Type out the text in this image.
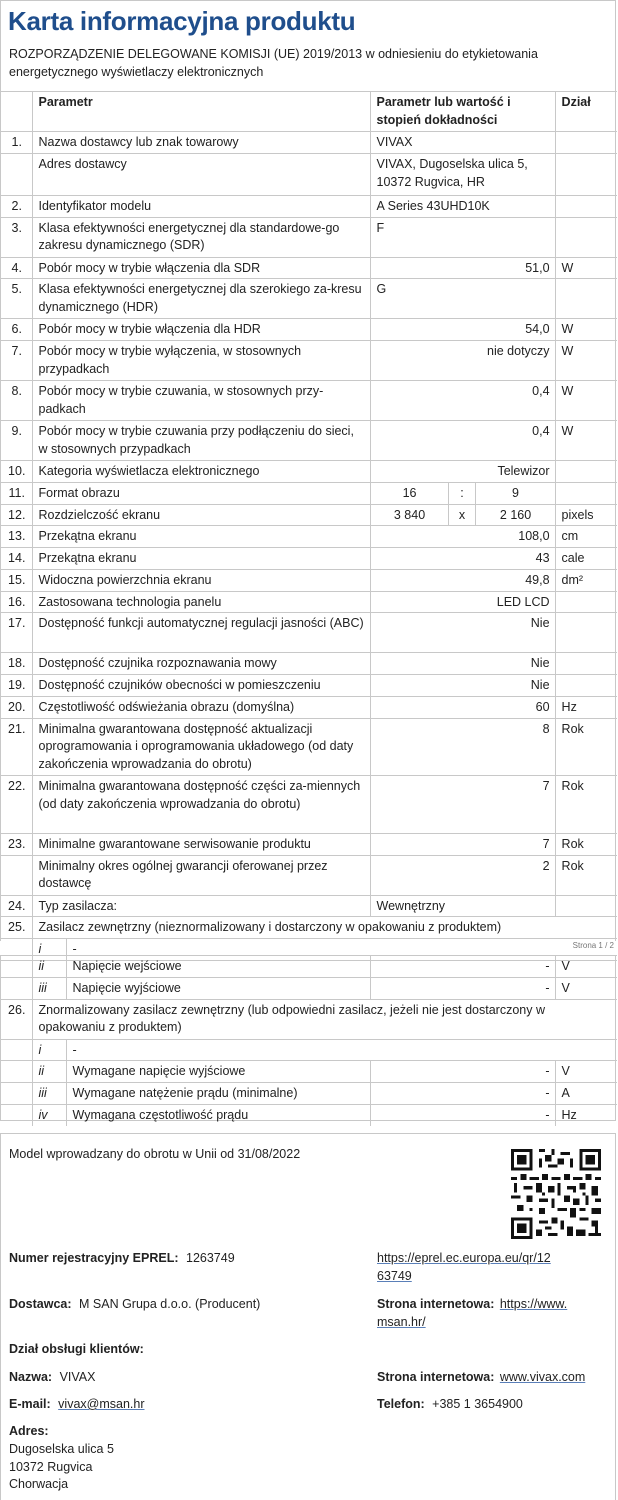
Karta informacyjna produktu
ROZPORZĄDZENIE DELEGOWANE KOMISJI (UE) 2019/2013 w odniesieniu do etykietowania energetycznego wyświetlaczy elektronicznych
	Parametr		Parametr lub wartość i stopień dokładności			Dział
1.	Nazwa dostawcy lub znak towarowy		VIVAX			
	Adres dostawcy		VIVAX, Dugoselska ulica 5, 10372 Rugvica, HR			
2.	Identyfikator modelu		A Series 43UHD10K			
3.	Klasa efektywności energetycznej dla standardowe-go zakresu dynamicznego (SDR)		F			
4.	Pobór mocy w trybie włączenia dla SDR		51,0			W
5.	Klasa efektywności energetycznej dla szerokiego za-kresu dynamicznego (HDR)		G			
6.	Pobór mocy w trybie włączenia dla HDR		54,0			W
7.	Pobór mocy w trybie wyłączenia, w stosownych przypadkach		nie dotyczy			W
8.	Pobór mocy w trybie czuwania, w stosownych przy-padkach		0,4			W
9.	Pobór mocy w trybie czuwania przy podłączeniu do sieci, w stosownych przypadkach		0,4			W
10.	Kategoria wyświetlacza elektronicznego		Telewizor			
11.	Format obrazu		16	:	9	
12.	Rozdzielczość ekranu		3 840	x	2 160	pixels
13.	Przekątna ekranu		108,0			cm
14.	Przekątna ekranu		43			cale
15.	Widoczna powierzchnia ekranu		49,8			dm²
16.	Zastosowana technologia panelu		LED LCD			
17.	Dostępność funkcji automatycznej regulacji jasności (ABC)		Nie			
18.	Dostępność czujnika rozpoznawania mowy		Nie			
19.	Dostępność czujników obecności w pomieszczeniu		Nie			
20.	Częstotliwość odświeżania obrazu (domyślna)		60			Hz
21.	Minimalna gwarantowana dostępność aktualizacji oprogramowania i oprogramowania układowego (od daty zakończenia wprowadzania do obrotu)		8			Rok
22.	Minimalna gwarantowana dostępność części za-miennych (od daty zakończenia wprowadzania do obrotu)		7			Rok
23.	Minimalne gwarantowane serwisowanie produktu		7			Rok
	Minimalny okres ogólnej gwarancji oferowanej przez dostawcę		2			Rok
24.	Typ zasilacza:		Wewnętrzny			
25.	Zasilacz zewnętrzny (nieznormalizowany i dostarczony w opakowaniu z produktem)					
	i	-					Strona 1 / 2
	ii	Napięcie wejściowe	-	V
	iii	Napięcie wyjściowe	-	V
26.	Znormalizowany zasilacz zewnętrzny (lub odpowiedni zasilacz, jeżeli nie jest dostarczony w opakowaniu z produktem)			
	i	-		
	ii	Wymagane napięcie wyjściowe	-	V
	iii	Wymagane natężenie prądu (minimalne)	-	A
	iv	Wymagana częstotliwość prądu	-	Hz
Model wprowadzany do obrotu w Unii od 31/08/2022
Numer rejestracyjny EPREL: 1263749	https://eprel.ec.europa.eu/qr/12
63749
Dostawca: M SAN Grupa d.o.o. (Producent)	Strona internetowa: https://www.
msan.hr/
Dział obsługi klientów:
Nazwa: VIVAX	Strona internetowa: www.vivax.com
E-mail: vivax@msan.hr	Telefon: +385 1 3654900
Adres:
Dugoselska ulica 5
10372 Rugvica
Chorwacja
